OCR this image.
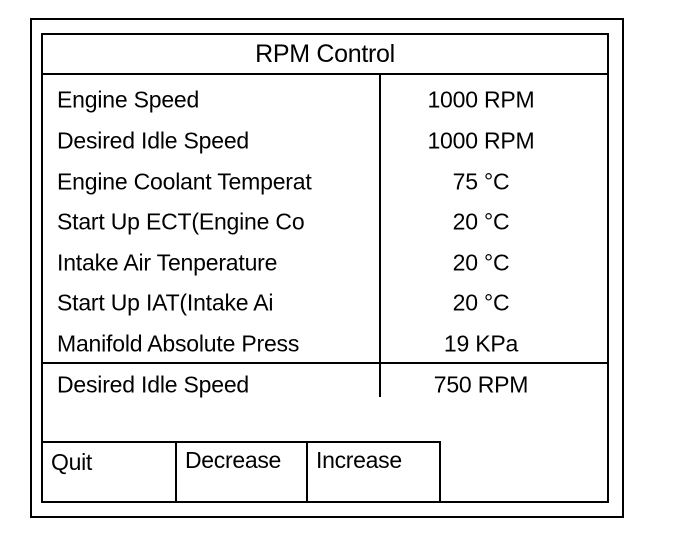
RPM Control
Engine Speed	1000 RPM
Desired Idle Speed	1000 RPM
Engine Coolant Temperat	75 °C
Start Up ECT(Engine Co	20 °C
Intake Air Tenperature	20 °C
Start Up IAT(Intake Ai	20 °C
Manifold Absolute Press	19 KPa
Desired Idle Speed	750 RPM
Quit	Decrease Increase
